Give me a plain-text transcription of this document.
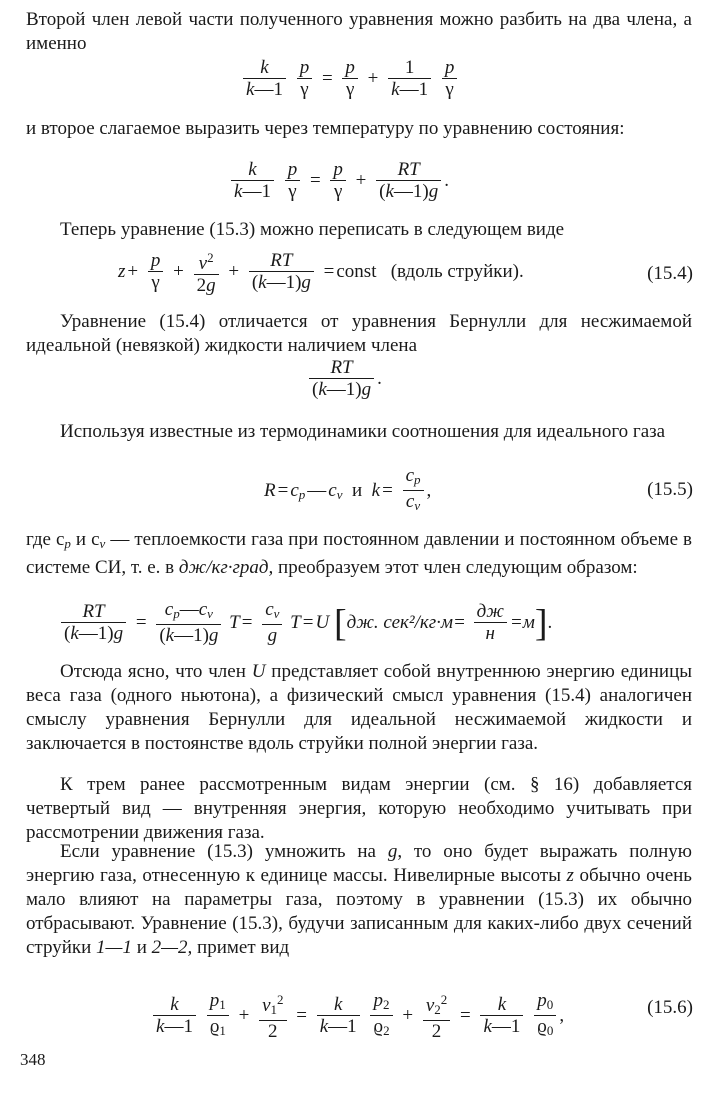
Второй член левой части полученного уравнения можно разбить на два члена, а именно

$\frac{k}{k—1}$
$\frac{p}{\gamma} = \frac{p}{\gamma} + \frac{1}{k—1}$
$\frac{p}{\gamma}$

и второе слагаемое выразить через температуру по уравнению состояния:

$\frac{k}{k—1}$
$\frac{p}{\gamma} = \frac{p}{\gamma} + \frac{RT}{(k—1)g}$ .

Теперь уравнение (15.3) можно переписать в следующем виде

$z + \frac{p}{\gamma} + \frac{v^2}{2g} + \frac{RT}{(k—1)g}$ = const (вдоль струйки).	(15.4)

Уравнение (15.4) отличается от уравнения Бернулли для несжимаемой идеальной (невязкой) жидкости наличием члена

$\frac{RT}{(k—1)g}$ .

Используя известные из термодинамики соотношения для идеального газа

$R = c_p$ — $c_v$ и $k = \frac{c_p}{c_v}$ ,	(15.5)

где $c_p$ и $c_v$ — теплоемкости газа при постоянном давлении и постоянном объеме в системе СИ, т. е. в дж/кг·град, преобразуем этот член следующим образом:

$\frac{RT}{(k—1)g} = \frac{c_p—c_v}{(k—1)g}$ $T = \frac{c_v}{g}$ T = U [дж. $сек^2/кг\cdot м= \frac{дж}{н} =м$].

Отсюда ясно, что член U представляет собой внутреннюю энергию единицы веса газа (одного ньютона), а физический смысл уравнения (15.4) аналогичен смыслу уравнения Бернулли для идеальной несжимаемой жидкости и заключается в постоянстве вдоль струйки полной энергии газа.

К трем ранее рассмотренным видам энергии (см. § 16) добавляется четвертый вид — внутренняя энергия, которую необходимо учитывать при рассмотрении движения газа.

Если уравнение (15.3) умножить на g, то оно будет выражать полную энергию газа, отнесенную к единице массы. Нивелирные высоты z обычно очень мало влияют на параметры газа, поэтому в уравнении (15.3) их обычно отбрасывают. Уравнение (15.3), будучи записанным для каких-либо двух сечений струйки 1—1 и 2—2, примет вид

$\frac{k}{k—1}$
$\frac{p_1}{ϱ_1} + \frac{v_1^2}{2} = \frac{k}{k—1}$
$\frac{p_2}{ϱ_2} + \frac{v_2^2}{2} = \frac{k}{k—1}$
$\frac{p_0}{ϱ_0}$ ,	(15.6)
348
